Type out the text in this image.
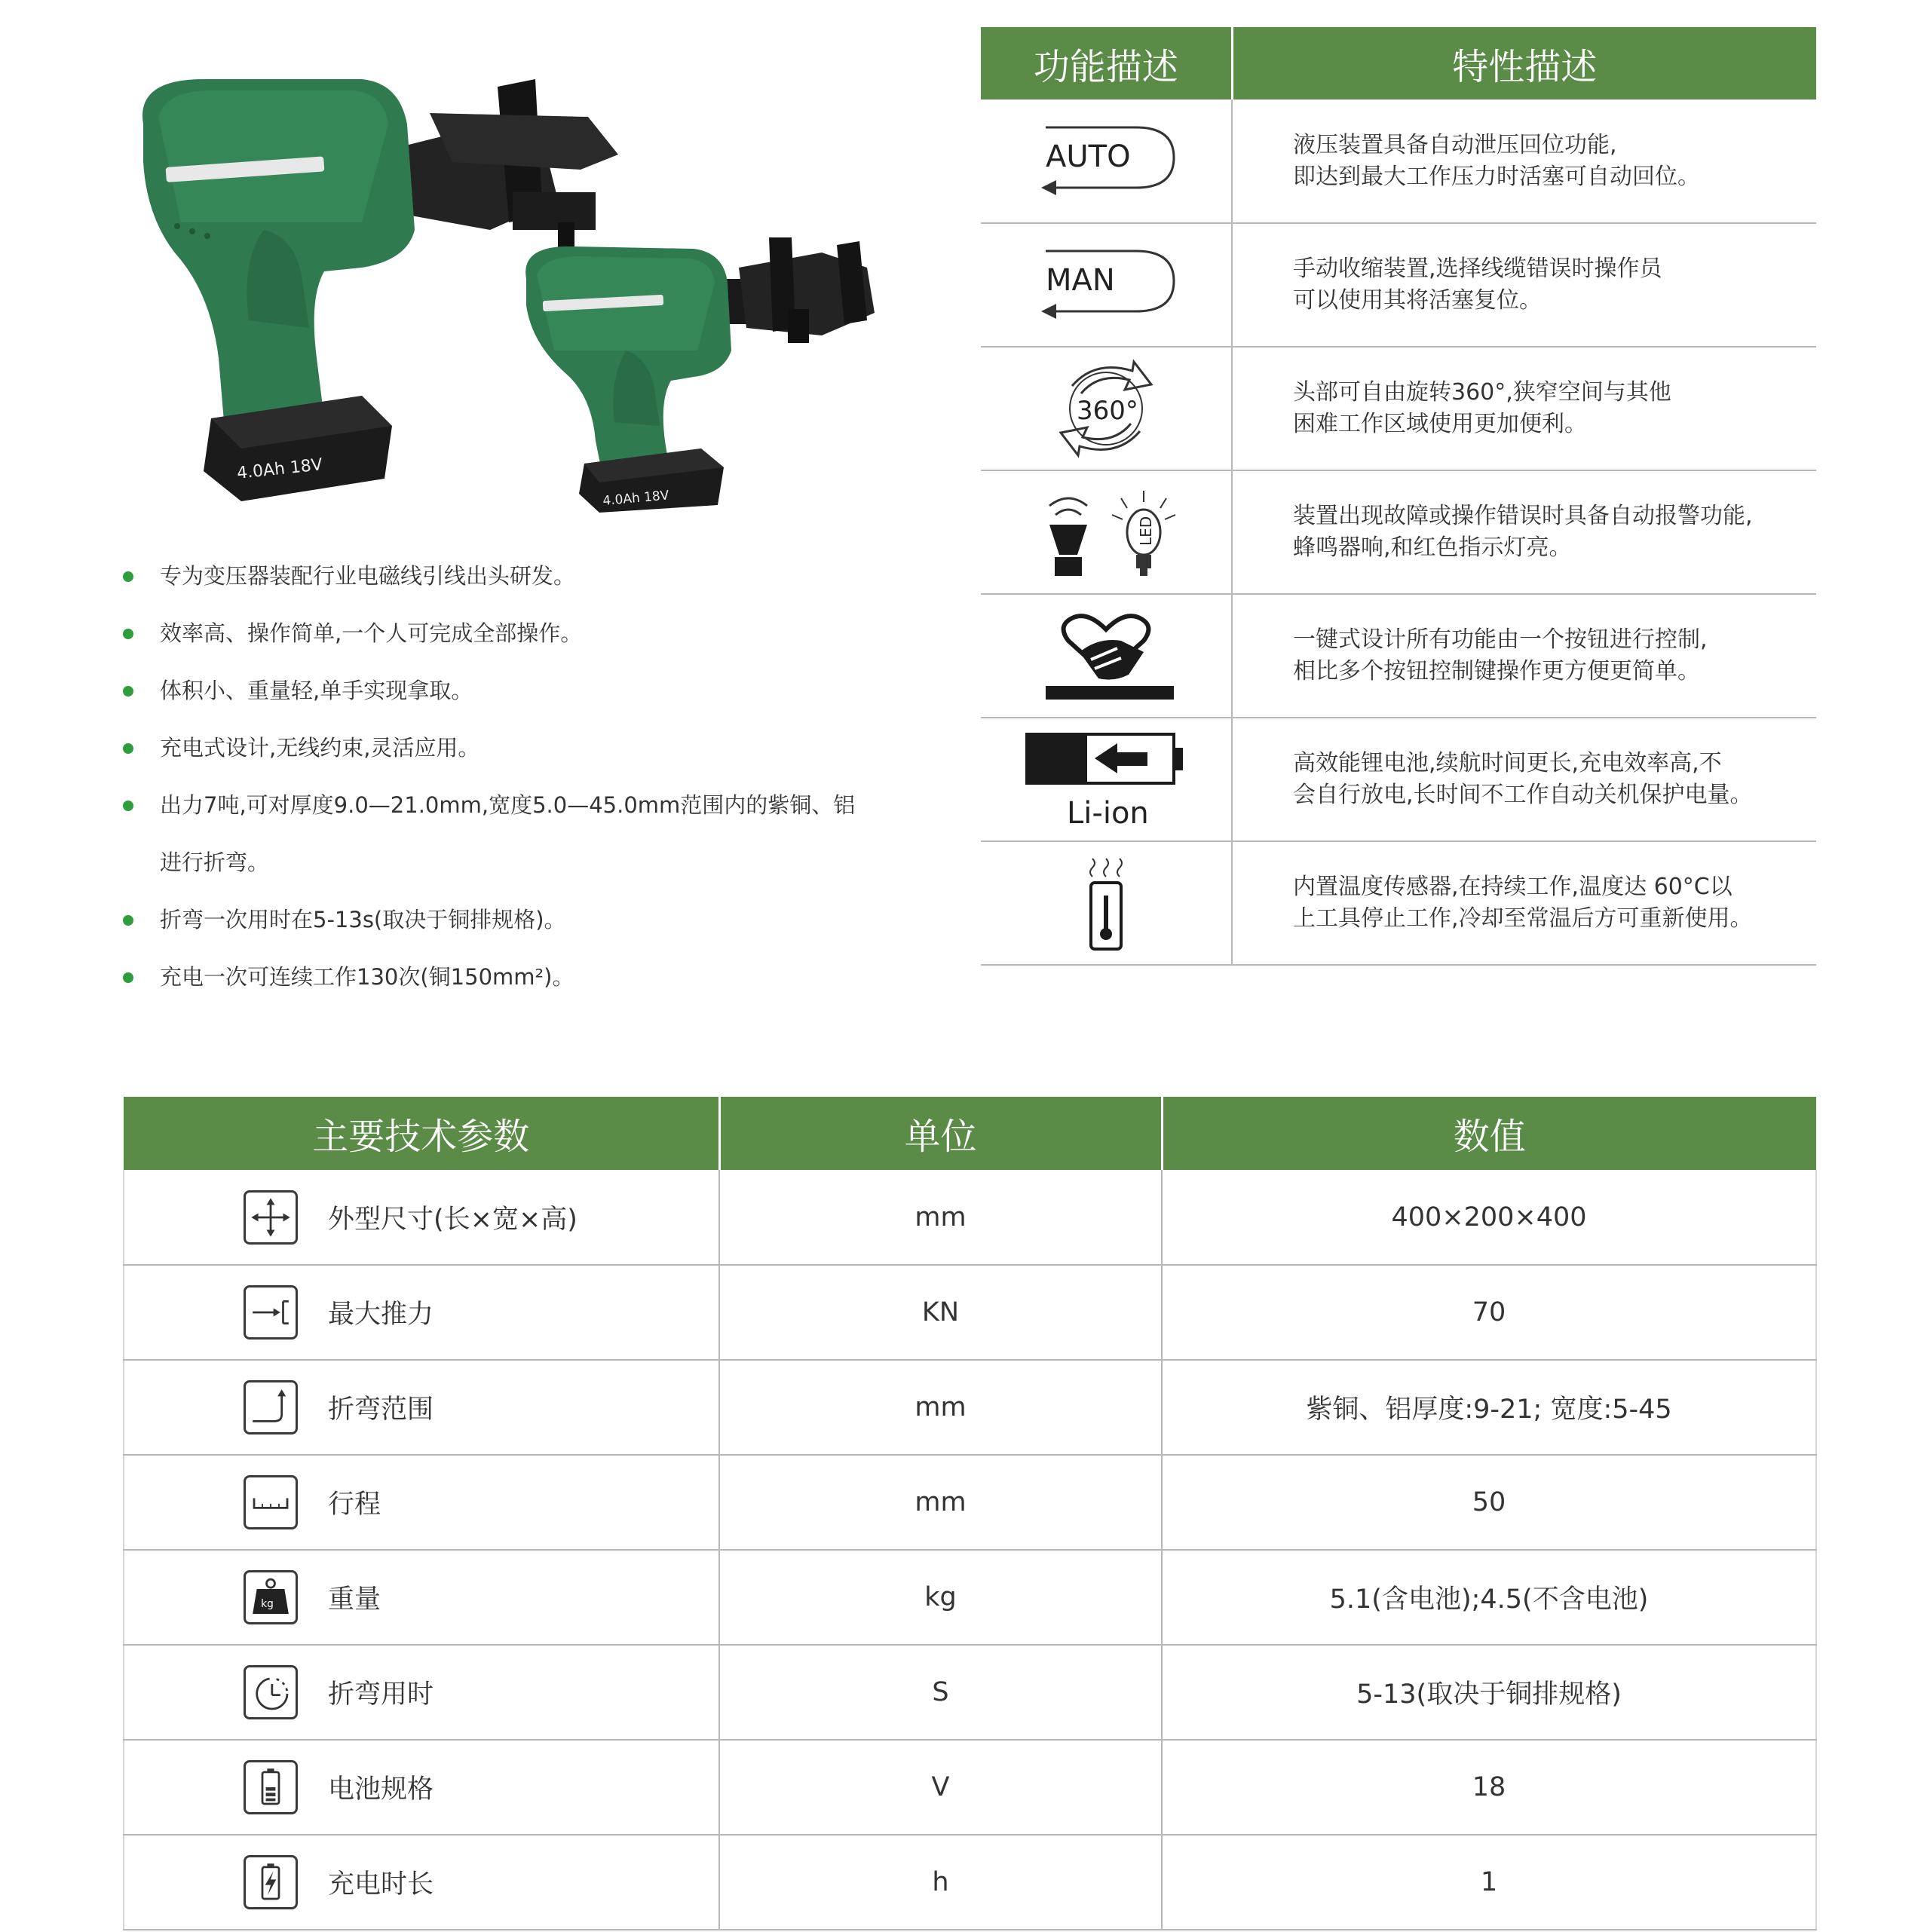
4.0Ah 18V
4.0Ah 18V
专为变压器装配行业电磁线引线出头研发。
效率高、操作简单,一个人可完成全部操作。
体积小、重量轻,单手实现拿取。
充电式设计,无线约束,灵活应用。
出力7吨,可对厚度9.0—21.0mm,宽度5.0—45.0mm范围内的紫铜、铝
进行折弯。
折弯一次用时在5-13s(取决于铜排规格)。
充电一次可连续工作130次(铜150mm²)。
功能描述	特性描述

AUTO	液压装置具备自动泄压回位功能,
即达到最大工作压力时活塞可自动回位。

MAN	手动收缩装置,选择线缆错误时操作员
可以使用其将活塞复位。

360°	头部可自由旋转360°,狭窄空间与其他
困难工作区域使用更加便利。

LED	装置出现故障或操作错误时具备自动报警功能,
蜂鸣器响,和红色指示灯亮。

一键式设计所有功能由一个按钮进行控制,
相比多个按钮控制键操作更方便更简单。

Li-ion	高效能锂电池,续航时间更长,充电效率高,不
会自行放电,长时间不工作自动关机保护电量。

内置温度传感器,在持续工作,温度达 60°C以
上工具停止工作,冷却至常温后方可重新使用。
主要技术参数	单位	数值

外型尺寸(长×宽×高)	mm	400×200×400

最大推力	KN	70

折弯范围	mm	紫铜、铝厚度:9-21; 宽度:5-45

行程	mm	50

kg 重量	kg	5.1(含电池);4.5(不含电池)

折弯用时	S	5-13(取决于铜排规格)

电池规格	V	18

充电时长	h	1
